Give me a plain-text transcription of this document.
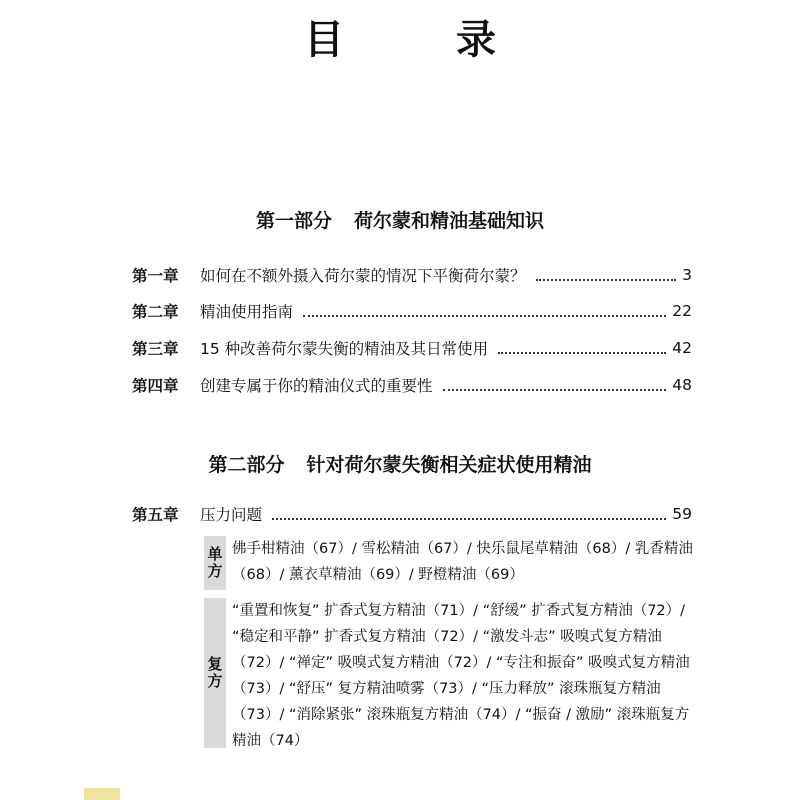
目　录
第一部分 荷尔蒙和精油基础知识
第一章	如何在不额外摄入荷尔蒙的情况下平衡荷尔蒙？	3
第二章	精油使用指南	22
第三章	15 种改善荷尔蒙失衡的精油及其日常使用	42
第四章	创建专属于你的精油仪式的重要性	48
第二部分 针对荷尔蒙失衡相关症状使用精油
第五章	压力问题	59
单
方
佛手柑精油（67）/ 雪松精油（67）/ 快乐鼠尾草精油（68）/ 乳香精油（68）/ 薰衣草精油（69）/ 野橙精油（69）
复
方
“重置和恢复” 扩香式复方精油（71）/ “舒缓” 扩香式复方精油（72）/ “稳定和平静” 扩香式复方精油（72）/ “激发斗志” 吸嗅式复方精油（72）/ “禅定” 吸嗅式复方精油（72）/ “专注和振奋” 吸嗅式复方精油（73）/ “舒压” 复方精油喷雾（73）/ “压力释放” 滚珠瓶复方精油（73）/ “消除紧张” 滚珠瓶复方精油（74）/ “振奋 / 激励” 滚珠瓶复方精油（74）
